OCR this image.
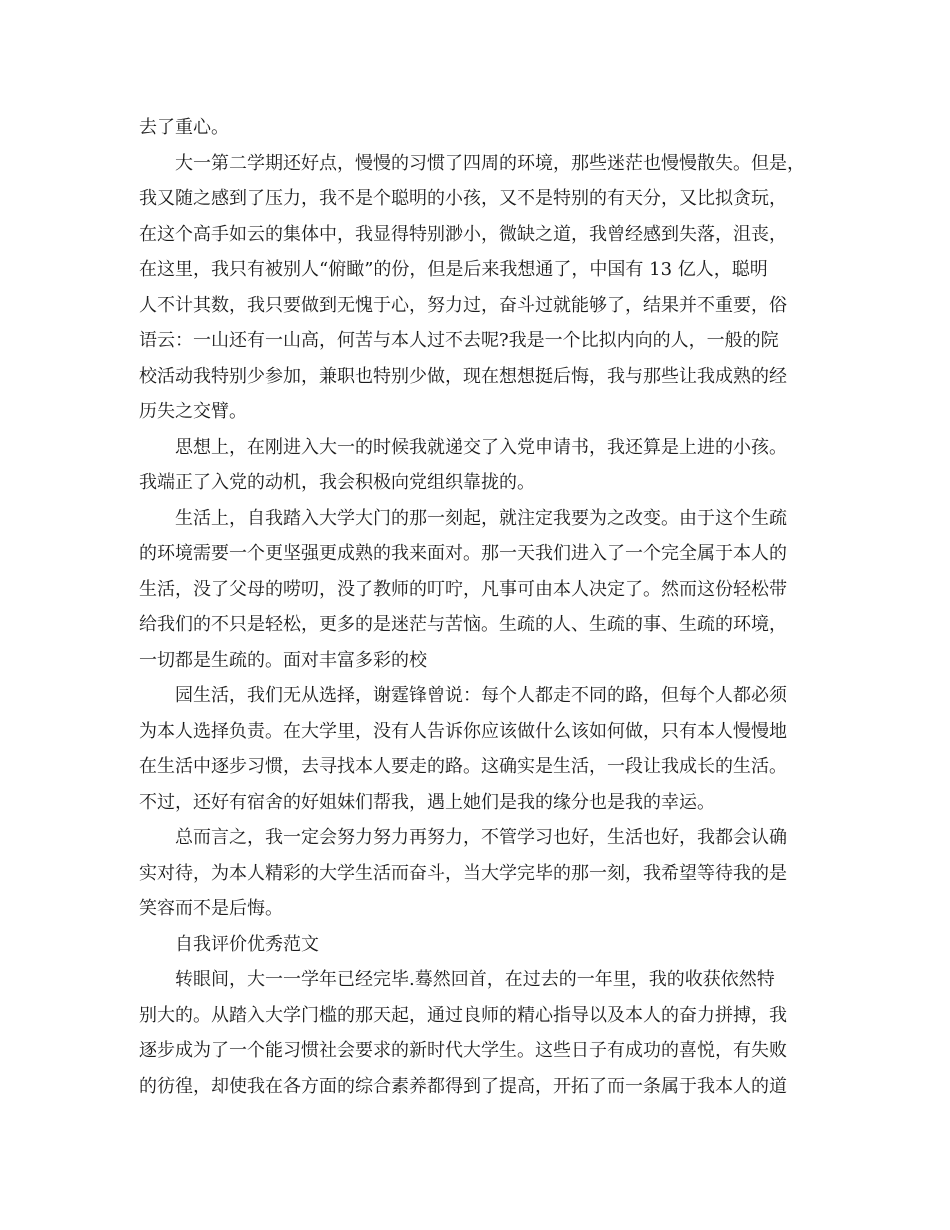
去了重心。
大一第二学期还好点，慢慢的习惯了四周的环境，那些迷茫也慢慢散失。但是，
我又随之感到了压力，我不是个聪明的小孩，又不是特别的有天分，又比拟贪玩，
在这个高手如云的集体中，我显得特别渺小，微缺之道，我曾经感到失落，沮丧，
在这里，我只有被别人“俯瞰”的份，但是后来我想通了，中国有 13 亿人，聪明
人不计其数，我只要做到无愧于心，努力过，奋斗过就能够了，结果并不重要，俗
语云：一山还有一山高，何苦与本人过不去呢?我是一个比拟内向的人，一般的院
校活动我特别少参加，兼职也特别少做，现在想想挺后悔，我与那些让我成熟的经
历失之交臂。
思想上，在刚进入大一的时候我就递交了入党申请书，我还算是上进的小孩。
我端正了入党的动机，我会积极向党组织靠拢的。
生活上，自我踏入大学大门的那一刻起，就注定我要为之改变。由于这个生疏
的环境需要一个更坚强更成熟的我来面对。那一天我们进入了一个完全属于本人的
生活，没了父母的唠叨，没了教师的叮咛，凡事可由本人决定了。然而这份轻松带
给我们的不只是轻松，更多的是迷茫与苦恼。生疏的人、生疏的事、生疏的环境，
一切都是生疏的。面对丰富多彩的校
园生活，我们无从选择，谢霆锋曾说：每个人都走不同的路，但每个人都必须
为本人选择负责。在大学里，没有人告诉你应该做什么该如何做，只有本人慢慢地
在生活中逐步习惯，去寻找本人要走的路。这确实是生活，一段让我成长的生活。
不过，还好有宿舍的好姐妹们帮我，遇上她们是我的缘分也是我的幸运。
总而言之，我一定会努力努力再努力，不管学习也好，生活也好，我都会认确
实对待，为本人精彩的大学生活而奋斗，当大学完毕的那一刻，我希望等待我的是
笑容而不是后悔。
自我评价优秀范文
转眼间，大一一学年已经完毕.蓦然回首，在过去的一年里，我的收获依然特
别大的。从踏入大学门槛的那天起，通过良师的精心指导以及本人的奋力拼搏，我
逐步成为了一个能习惯社会要求的新时代大学生。这些日子有成功的喜悦，有失败
的彷徨，却使我在各方面的综合素养都得到了提高，开拓了而一条属于我本人的道
